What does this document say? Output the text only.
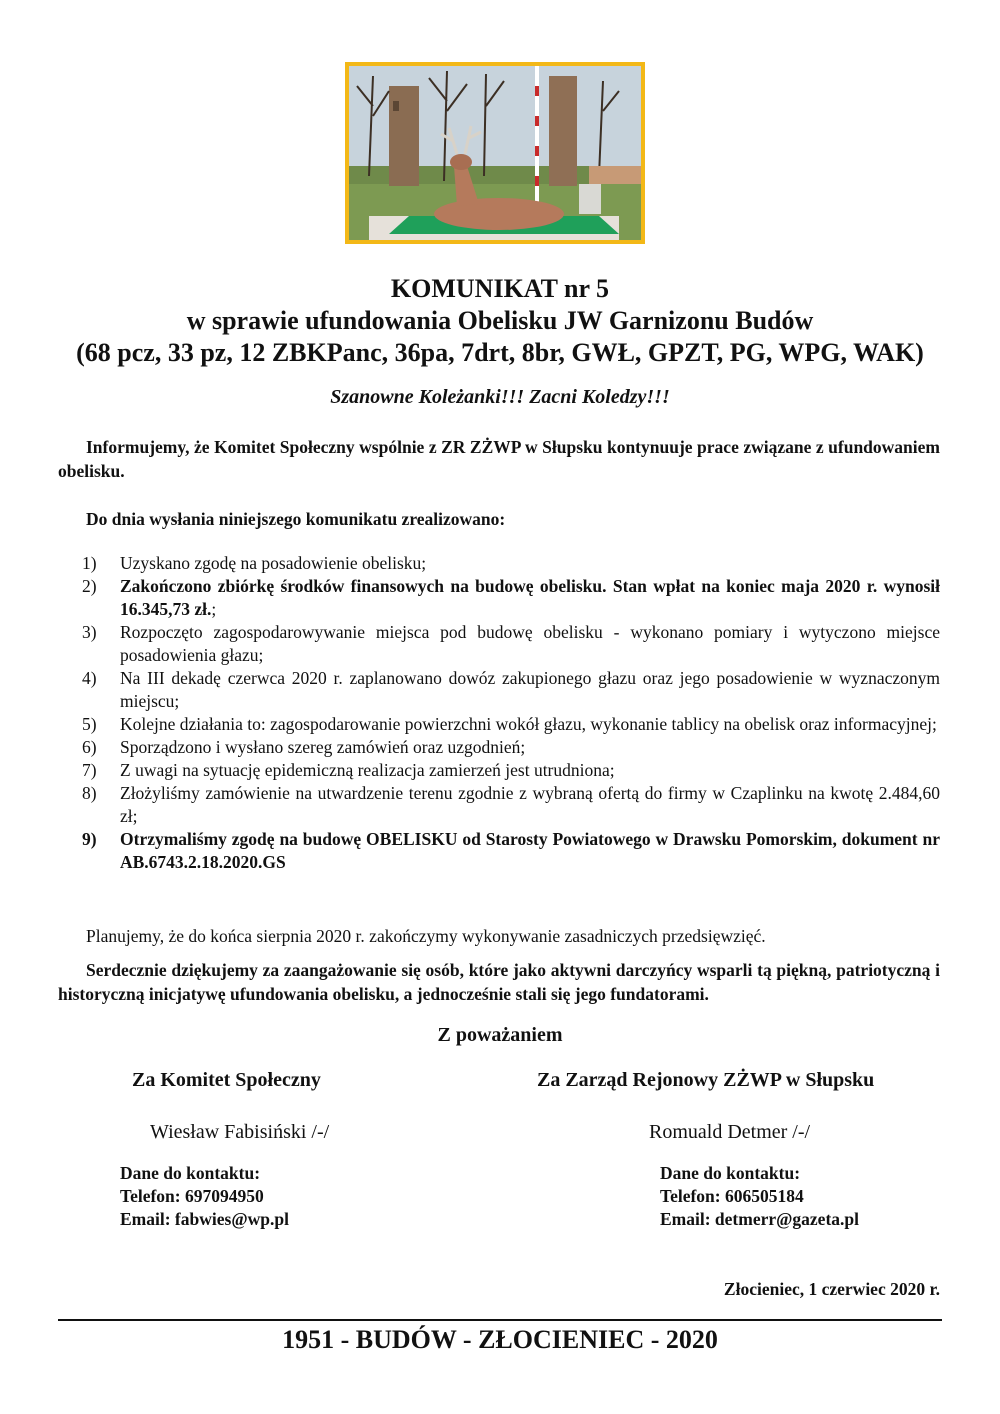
KOMUNIKAT nr 5
w sprawie ufundowania Obelisku JW Garnizonu Budów
(68 pcz, 33 pz, 12 ZBKPanc, 36pa, 7drt, 8br, GWŁ, GPZT, PG, WPG, WAK)
Szanowne Koleżanki!!! Zacni Koledzy!!!
Informujemy, że Komitet Społeczny wspólnie z ZR ZŻWP w Słupsku kontynuuje prace związane z ufundowaniem obelisku.
Do dnia wysłania niniejszego komunikatu zrealizowano:
1) Uzyskano zgodę na posadowienie obelisku;
2) Zakończono zbiórkę środków finansowych na budowę obelisku. Stan wpłat na koniec maja 2020 r. wynosił 16.345,73 zł.;
3) Rozpoczęto zagospodarowywanie miejsca pod budowę obelisku - wykonano pomiary i wytyczono miejsce posadowienia głazu;
4) Na III dekadę czerwca 2020 r. zaplanowano dowóz zakupionego głazu oraz jego posadowienie w wyznaczonym miejscu;
5) Kolejne działania to: zagospodarowanie powierzchni wokół głazu, wykonanie tablicy na obelisk oraz informacyjnej;
6) Sporządzono i wysłano szereg zamówień oraz uzgodnień;
7) Z uwagi na sytuację epidemiczną realizacja zamierzeń jest utrudniona;
8) Złożyliśmy zamówienie na utwardzenie terenu zgodnie z wybraną ofertą do firmy w Czaplinku na kwotę 2.484,60 zł;
9) Otrzymaliśmy zgodę na budowę OBELISKU od Starosty Powiatowego w Drawsku Pomorskim, dokument nr AB.6743.2.18.2020.GS
Planujemy, że do końca sierpnia 2020 r. zakończymy wykonywanie zasadniczych przedsięwzięć.
Serdecznie dziękujemy za zaangażowanie się osób, które jako aktywni darczyńcy wsparli tą piękną, patriotyczną i historyczną inicjatywę ufundowania obelisku, a jednocześnie stali się jego fundatorami.
Z poważaniem
Za Komitet Społeczny	Za Zarząd Rejonowy ZŻWP w Słupsku
Wiesław Fabisiński /-/	Romuald Detmer /-/
Dane do kontaktu:
Telefon: 697094950
Email: fabwies@wp.pl
Dane do kontaktu:
Telefon: 606505184
Email: detmerr@gazeta.pl
Złocieniec, 1 czerwiec 2020 r.
1951 - BUDÓW - ZŁOCIENIEC - 2020
